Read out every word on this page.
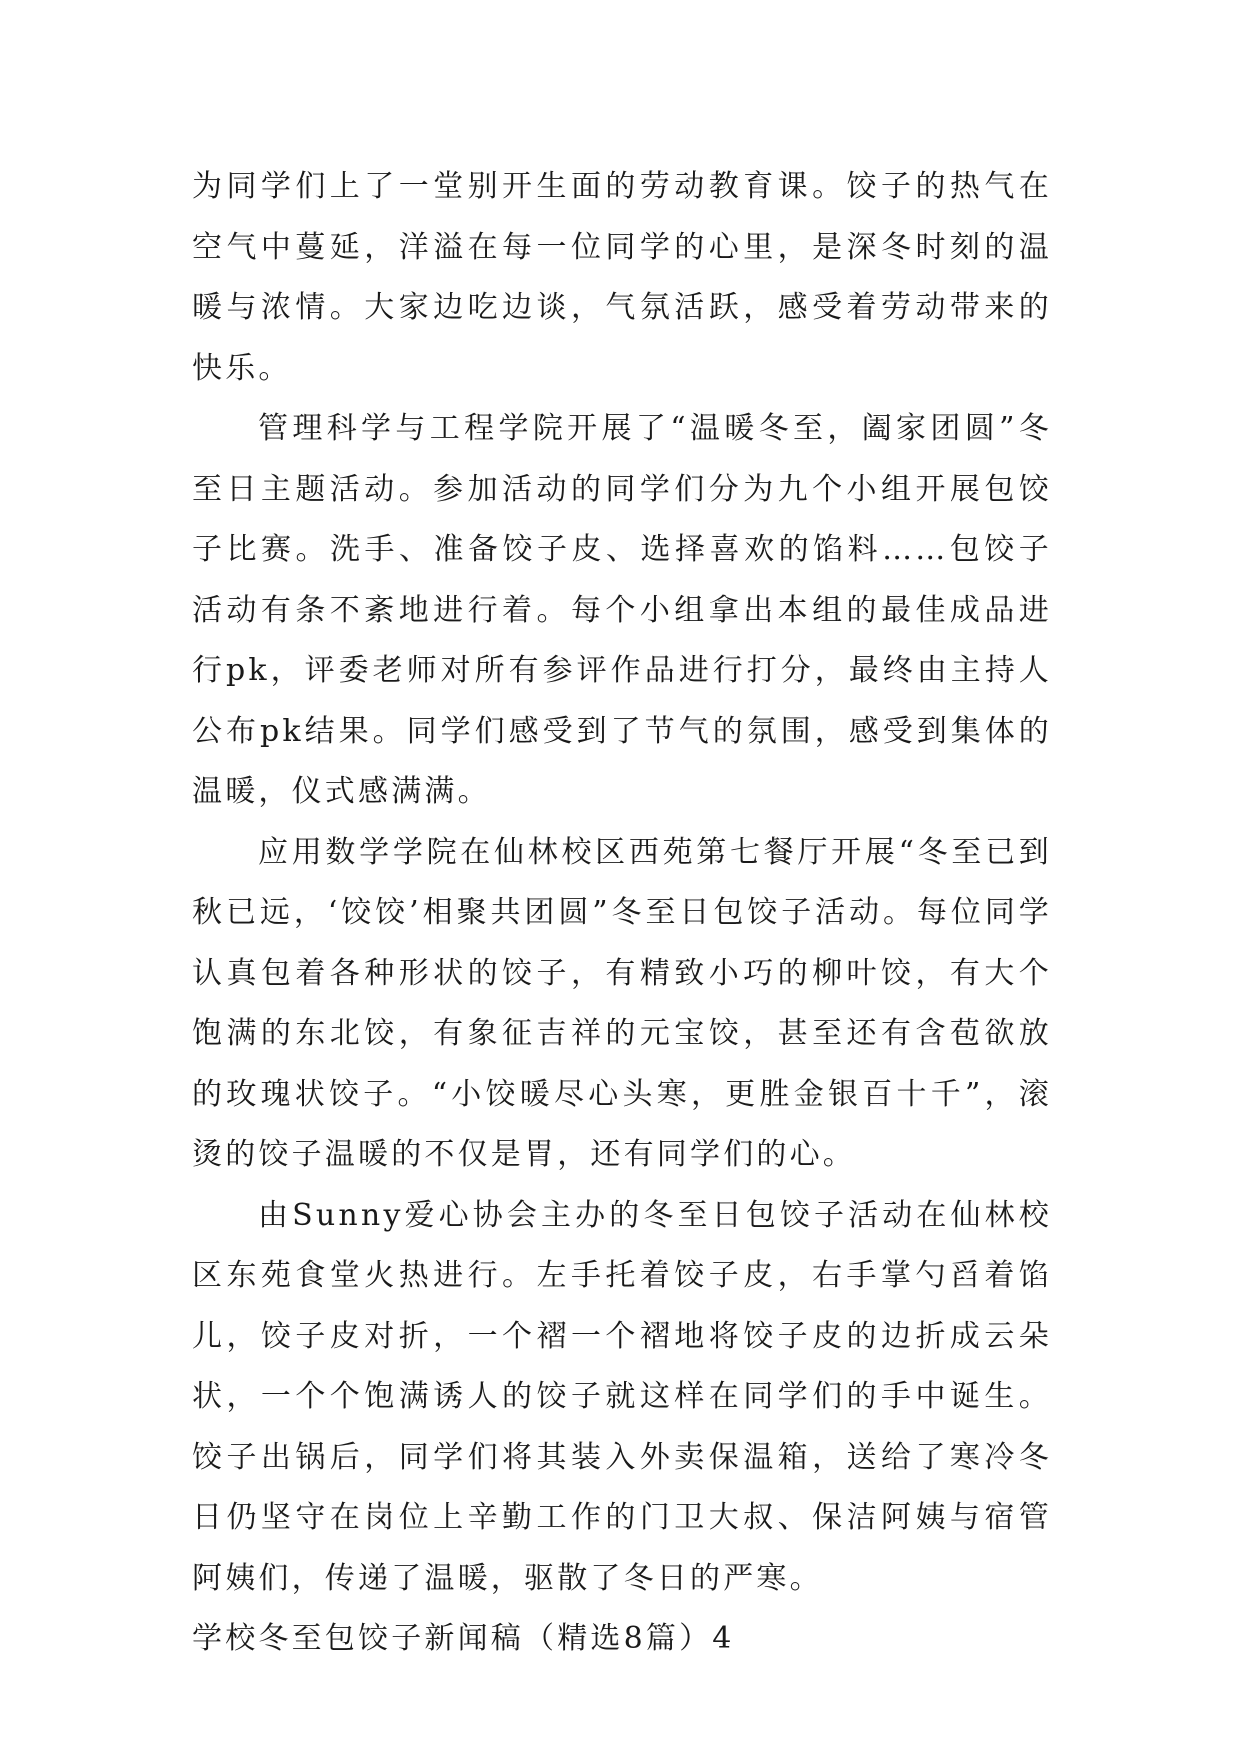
为同学们上了一堂别开生面的劳动教育课。饺子的热气在空气中蔓延，洋溢在每一位同学的心里，是深冬时刻的温暖与浓情。大家边吃边谈，气氛活跃，感受着劳动带来的快乐。

管理科学与工程学院开展了“温暖冬至，阖家团圆”冬至日主题活动。参加活动的同学们分为九个小组开展包饺子比赛。洗手、准备饺子皮、选择喜欢的馅料……包饺子活动有条不紊地进行着。每个小组拿出本组的最佳成品进行pk，评委老师对所有参评作品进行打分，最终由主持人公布pk结果。同学们感受到了节气的氛围，感受到集体的温暖，仪式感满满。

应用数学学院在仙林校区西苑第七餐厅开展“冬至已到秋已远，‘饺饺’相聚共团圆”冬至日包饺子活动。每位同学认真包着各种形状的饺子，有精致小巧的柳叶饺，有大个饱满的东北饺，有象征吉祥的元宝饺，甚至还有含苞欲放的玫瑰状饺子。“小饺暖尽心头寒，更胜金银百十千”，滚烫的饺子温暖的不仅是胃，还有同学们的心。

由Sunny爱心协会主办的冬至日包饺子活动在仙林校区东苑食堂火热进行。左手托着饺子皮，右手掌勺舀着馅儿，饺子皮对折，一个褶一个褶地将饺子皮的边折成云朵状，一个个饱满诱人的饺子就这样在同学们的手中诞生。饺子出锅后，同学们将其装入外卖保温箱，送给了寒冷冬日仍坚守在岗位上辛勤工作的门卫大叔、保洁阿姨与宿管阿姨们，传递了温暖，驱散了冬日的严寒。

学校冬至包饺子新闻稿（精选8篇）4
